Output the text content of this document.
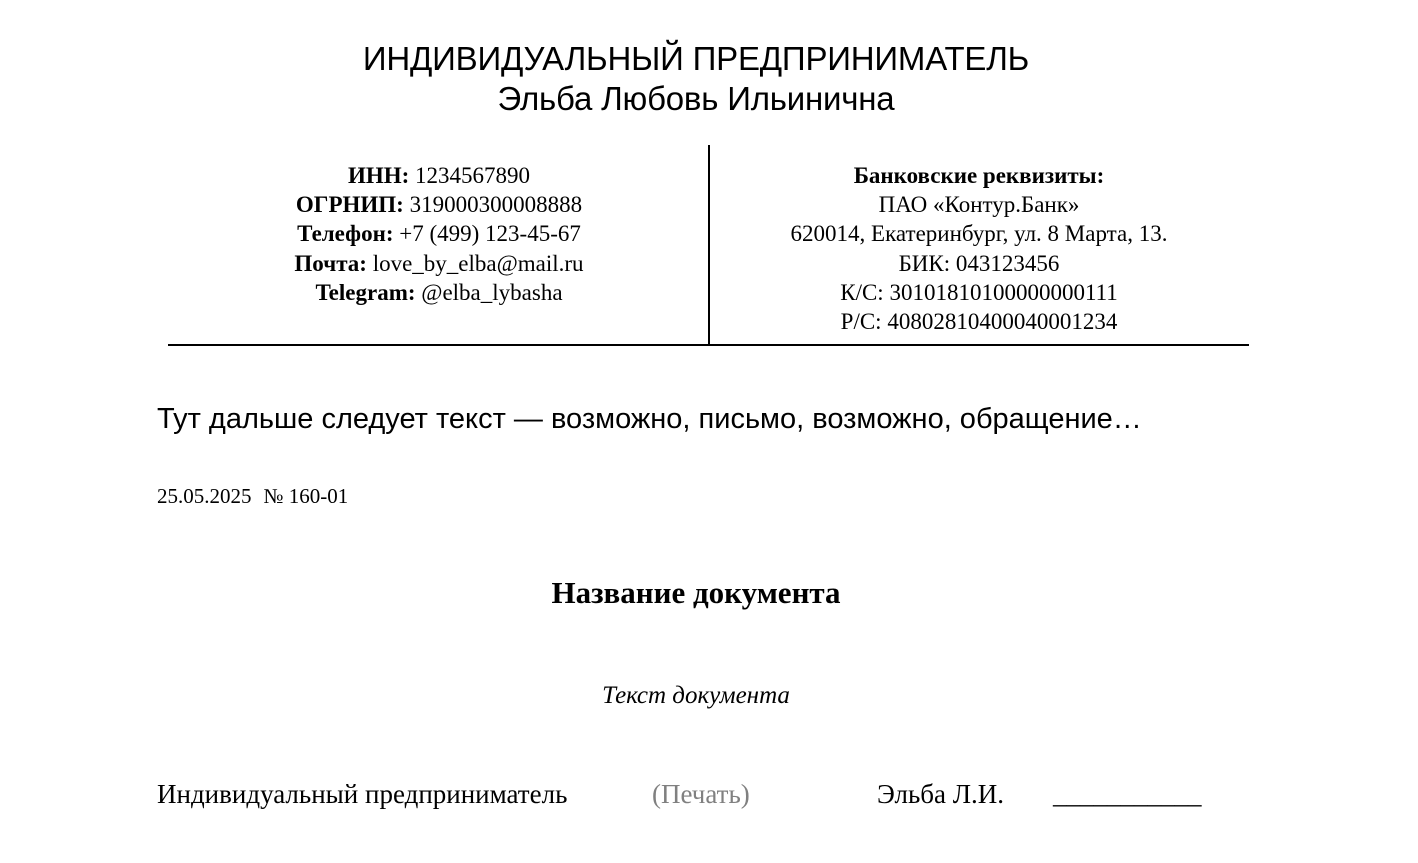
ИНДИВИДУАЛЬНЫЙ ПРЕДПРИНИМАТЕЛЬ
Эльба Любовь Ильинична
ИНН: 1234567890
ОГРНИП: 319000300008888
Телефон: +7 (499) 123-45-67
Почта: love_by_elba@mail.ru
Telegram: @elba_lybasha
Банковские реквизиты:
ПАО «Контур.Банк»
620014, Екатеринбург, ул. 8 Марта, 13.
БИК: 043123456
К/С: 30101810100000000111
Р/С: 40802810400040001234
Тут дальше следует текст — возможно, письмо, возможно, обращение…
25.05.2025 № 160-01
Название документа
Текст документа
Индивидуальный предприниматель	(Печать)	Эльба Л.И. ___________
